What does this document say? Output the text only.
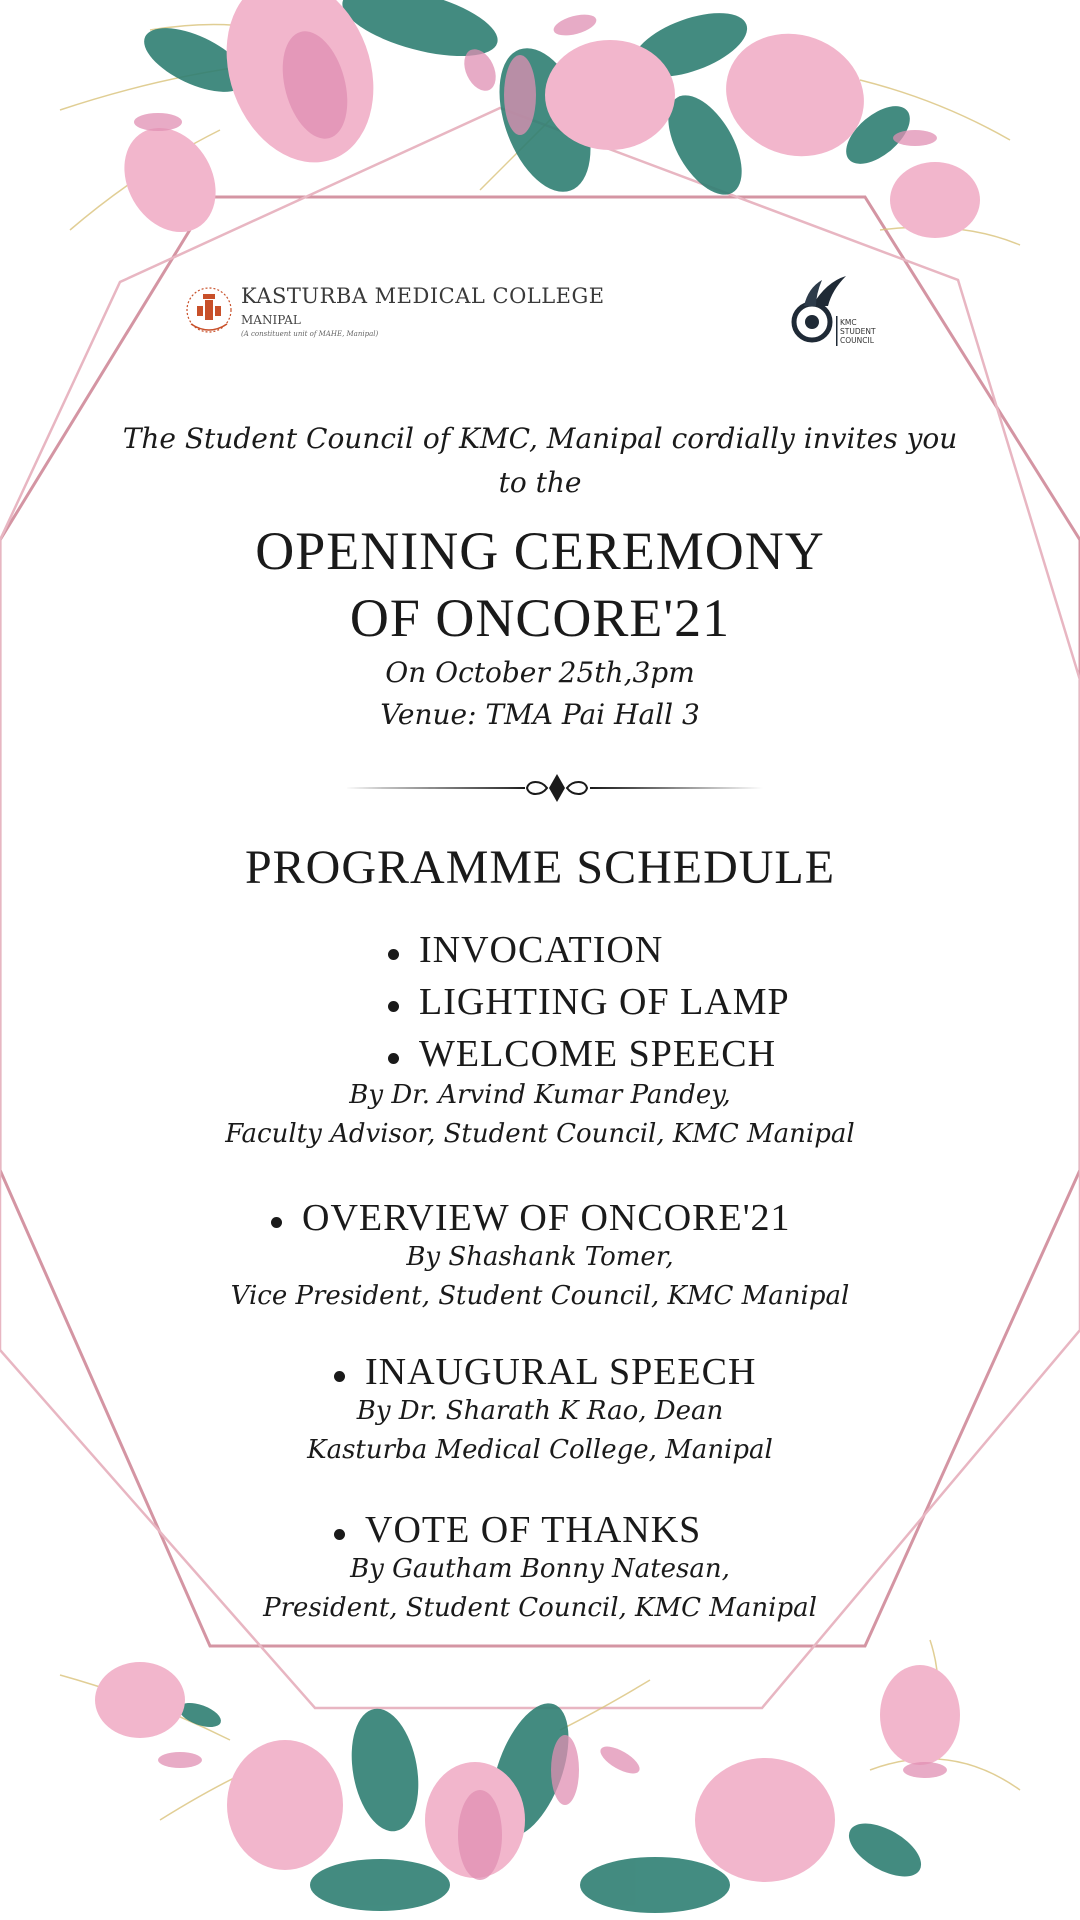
KASTURBA MEDICAL COLLEGE
MANIPAL
(A constituent unit of MAHE, Manipal)
KMC
STUDENT
COUNCIL
The Student Council of KMC, Manipal cordially invites you
to the
OPENING CEREMONY
OF ONCORE'21
On October 25th,3pm
Venue: TMA Pai Hall 3
PROGRAMME SCHEDULE
INVOCATION
LIGHTING OF LAMP
WELCOME SPEECH
By Dr. Arvind Kumar Pandey,
Faculty Advisor, Student Council, KMC Manipal
OVERVIEW OF ONCORE'21
By Shashank Tomer,
Vice President, Student Council, KMC Manipal
INAUGURAL SPEECH
By Dr. Sharath K Rao, Dean
Kasturba Medical College, Manipal
VOTE OF THANKS
By Gautham Bonny Natesan,
President, Student Council, KMC Manipal
